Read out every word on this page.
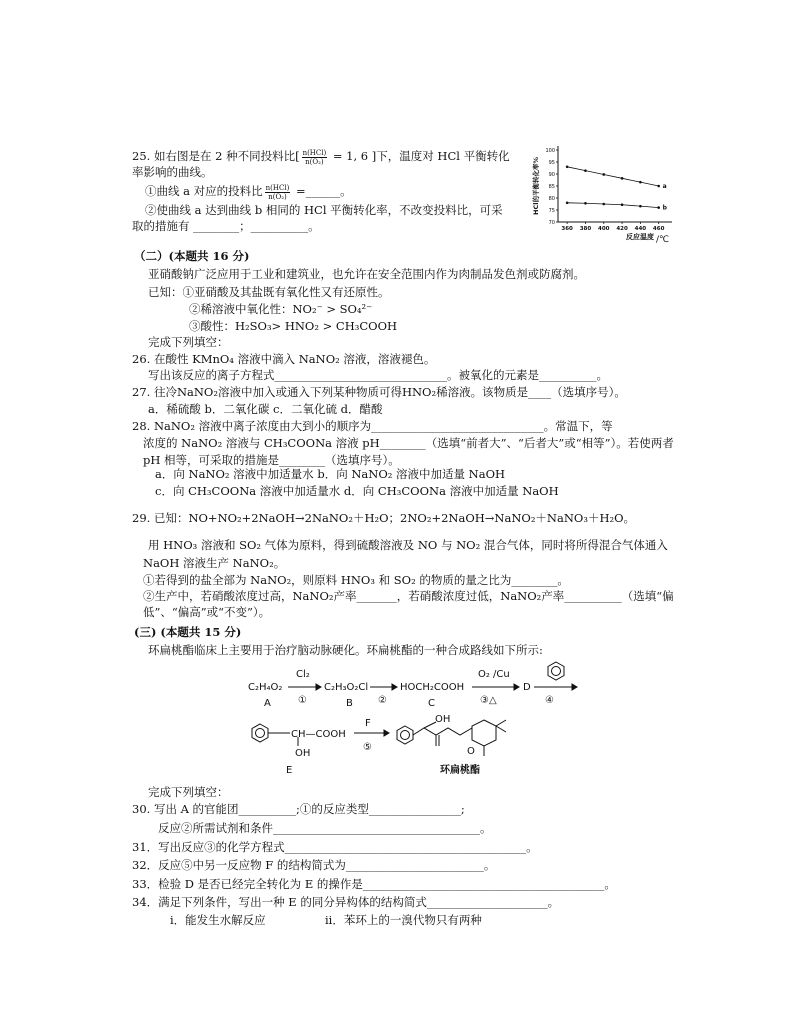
25. 如右图是在 2 种不同投料比[ $\frac{\text{n(HCl)}}{\text{n(O₂)}} = 1$, 6 ]下，温度对 HCl 平衡转化
率影响的曲线。
①曲线 a 对应的投料比 $\frac{\text{n(HCl)}}{\text{n(O₂)}}$ =______。
②使曲线 a 达到曲线 b 相同的 HCl 平衡转化率，不改变投料比，可采
取的措施有 ________；__________。	70
75
80
85
90
95
100
360 380 400 420 440 460
a
b
HCl的平衡转化率%
反应温度 /℃
（二）(本题共 16 分)
亚硝酸钠广泛应用于工业和建筑业，也允许在安全范围内作为肉制品发色剂或防腐剂。
已知：①亚硝酸及其盐既有氧化性又有还原性。
②稀溶液中氧化性：NO₂⁻ > SO₄²⁻
③酸性：H₂SO₃> HNO₂ > CH₃COOH
完成下列填空：
26. 在酸性 KMnO₄ 溶液中滴入 NaNO₂ 溶液，溶液褪色。
写出该反应的离子方程式______________________________。被氧化的元素是__________。
27. 往冷NaNO₂溶液中加入或通入下列某种物质可得HNO₂稀溶液。该物质是____（选填序号）。
a．稀硫酸 b．二氧化碳 c．二氧化硫 d．醋酸
28. NaNO₂ 溶液中离子浓度由大到小的顺序为______________________________。常温下，等
浓度的 NaNO₂ 溶液与 CH₃COONa 溶液 pH________（选填“前者大”、“后者大”或“相等”）。若使两者
pH 相等，可采取的措施是________（选填序号）。
a．向 NaNO₂ 溶液中加适量水 b．向 NaNO₂ 溶液中加适量 NaOH
c．向 CH₃COONa 溶液中加适量水 d．向 CH₃COONa 溶液中加适量 NaOH
29. 已知：NO+NO₂+2NaOH→2NaNO₂＋H₂O；2NO₂+2NaOH→NaNO₂＋NaNO₃＋H₂O。
用 HNO₃ 溶液和 SO₂ 气体为原料，得到硫酸溶液及 NO 与 NO₂ 混合气体，同时将所得混合气体通入
NaOH 溶液生产 NaNO₂。
①若得到的盐全部为 NaNO₂，则原料 HNO₃ 和 SO₂ 的物质的量之比为________。
②生产中，若硝酸浓度过高，NaNO₂产率_______，若硝酸浓度过低，NaNO₂产率__________（选填“偏
低”、“偏高”或“不变”）。
(三) (本题共 15 分)
环扁桃酯临床上主要用于治疗脑动脉硬化。环扁桃酯的一种合成路线如下所示:
C₂H₄O₂
A
Cl₂
①
C₂H₃O₂Cl
B	②
HOCH₂COOH
C
O₂ /Cu
③△
D
④
CH—COOH
OH
E
F
⑤
OH
O
环扁桃酯
完成下列填空：
30. 写出 A 的官能团__________;①的反应类型________________;
反应②所需试剂和条件____________________________________。
31．写出反应③的化学方程式__________________________________________。
32．反应⑤中另一反应物 F 的结构简式为________________________。
33．检验 D 是否已经完全转化为 E 的操作是__________________________________________。
34．满足下列条件，写出一种 E 的同分异构体的结构简式_____________________。
i．能发生水解反应	ii．苯环上的一溴代物只有两种
